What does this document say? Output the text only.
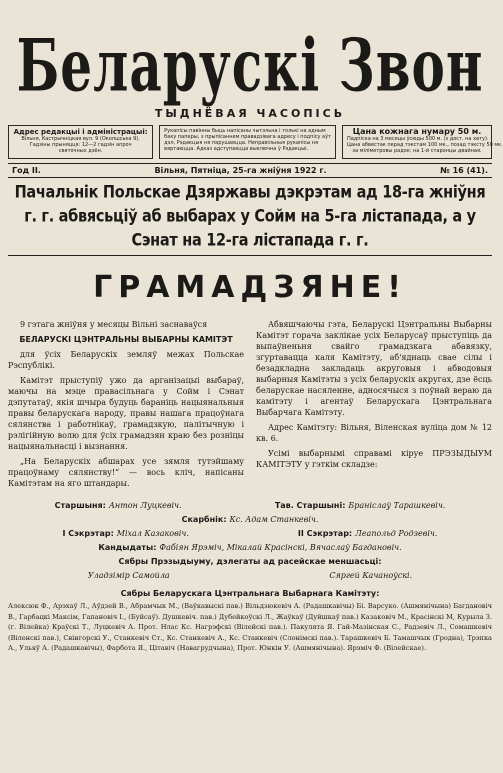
Беларускі Звон
ТЫДНЁВАЯ ЧАСОПІСЬ
Адрес редакцыі і адміністрацыі:
Вільня, Кастрычніцкая вул. 9 (Окопшська 9).
Гадзіны прыняцця: 12—2 гадзін апроч
святочных дзён.
Рукапісы павінны быць напісаны чытэльна і толькі на адным
баку паперы, з прыпісаннем правадзівага адресу і подпісу аўт
дэл, Рэдакцыя ня парушаецца. Неправільныя рукапісы ня
вяртаюцца. Адказ адступаецца выключна ў Рэдакцыі.
Цана кожнага нумару 50 м.
Падпіска на 3 месяцы ўсюды 500 м. (з дост. на хату).
Цана абвестак перад тэкстам 100 мк., позад тэксту 50 мк.
за міліметровы радок; на 1-й старонцы двайная.
Год II.	Вільня, Пятніца, 25-га жніўня 1922 г.	№ 16 (41).
Пачальнік Польскае Дзяржавы дэкрэтам ад 18-га жніўня г. г. абвясьціў аб выбарах у Сойм на 5-га лістапада, а у Сэнат на 12-га лістапада г. г.
ГРАМАДЗЯНЕ!

9 гэтага жніўня у месяцы Вільні заснаваўся

БЕЛАРУСКІ ЦЭНТРАЛЬНЫ ВЫБАРНЫ КАМІТЭТ

для ўсіх Беларускіх земляў межах Польскае Рэспублікі.

Камітэт прыступіў ужо да арганізацыі выбараў, маючы на мэце правасільнага у Сойм і Сэнат дэпутатаў, якія шчыра будуць бараніць нацыянальныя правы беларускага народу, правы нашага працоўнага сялянства і работнікаў, грамадзкую, палітычную і рэлігійную волю для ўсіх грамадзян краю без розніцы нацыянальнасці і вызнання.

„На Беларускіх абшарах усе зямля тутэйшаму працоўнаму сялянству!“ — вось кліч, напісаны Камітэтам на яго штандары.

Абвяшчаючы гэта, Беларускі Цэнтральны Выбарны Камітэт горача заклікае усіх Беларусаў прыступіць да выпаўненьня свайго грамадзкага абавязку, згуртавацца каля Камітэту, аб'яднаць свае сілы і безадкладна закладаць акруговыя і абводовыя выбарныя Камітэты з усіх беларускіх акругах, дзе ёсць беларускае насяленне, адносячыся з поўнай вераю да камітэту і агентаў Беларускага Цэнтральнага Выбарчага Камітэту.

Адрес Камітэту: Вільня, Віленская вуліца дом № 12 кв. 6.

Усімі выбарнымі справамі кіруе ПРЭЗЫДЫУМ КАМІТЭТУ у гэткім складзе:

Старшыня: Антон Луцкевіч.	Тав. Старшыні: Браніслаў Тарашкевіч.
Скарбнік: Кс. Адам Станкевіч.
I Сэкрэтар: Міхал Казаковіч.	II Сэкрэтар: Леапольд Родзевіч.
Кандыдаты: Фабіян Ярэміч, Мікалай Красінскі, Вячаслаў Багдановіч.
Сябры Прэзыдыуму, дэлегаты ад расейскае меншасьці:
Уладзімір Самойла	Сяргей Качаноўскі.
Сябры Беларускага Цэнтральнага Выбарнага Камітэту:
Алексюк Ф., Арэхаў Л., Аўдзей В., Абрамчык М., (Ваўкавыскі пав.) Вільдзюкевіч А. (Радашкавічы) Бі. Варсуко. (Ашмянічына) Багдановіч В., Гарбацкі Максім, Гапановіч І., (Буйсаў). Душкевіч. пав.) Дубейкоўскі Л., Жаўкаў (Дуйшкаў пав.) Казаковіч М., Красінскі М, Курыла З. (г. Вілейка) Краўскі Т., Луцкевіч А. Прот. Нлас Кс. Нагрэфскі (Вілейскі пав.). Пакулята Я. Гай-Мазінская С., Радзевіч Л., Сомашкевіч (Віленскі пав.), Свінгорскі У., Станкевіч Ст., Кс. Станкевіч А., Кс. Станкевіч (Слонімскі пав.). Тарашкевіч Б. Тамашчык (Гродна), Трэпка А., Ульяў А. (Радашкавічы), Фарбота Я., Цітавіч (Навагрудчына), Прот. Юнкін У. (Ашмянічына). Ярэміч Ф. (Вілейскае).
